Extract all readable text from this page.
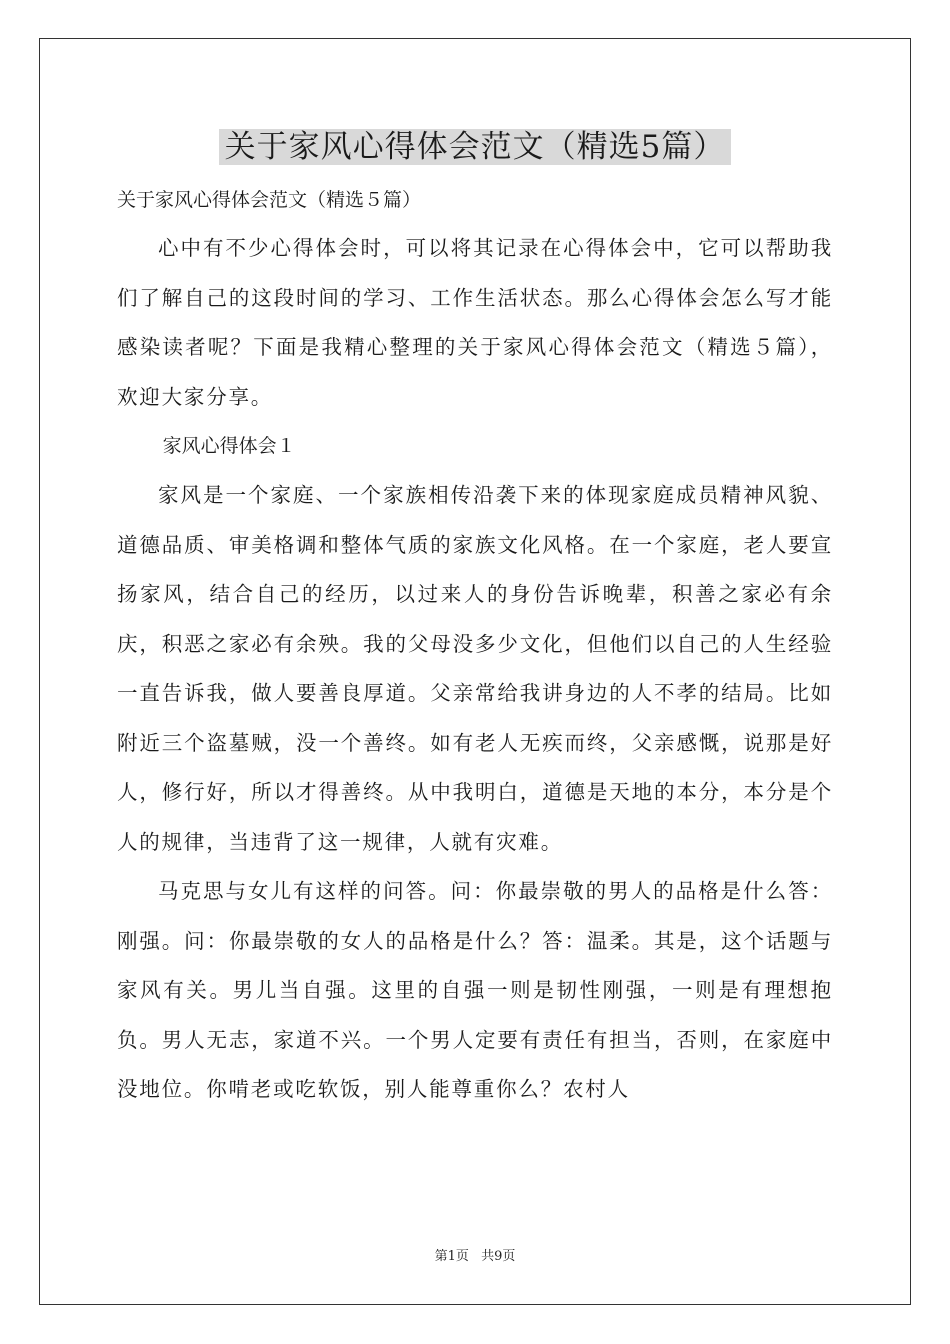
关于家风心得体会范文（精选5篇）

关于家风心得体会范文（精选５篇）

心中有不少心得体会时，可以将其记录在心得体会中，它可以帮助我们了解自己的这段时间的学习、工作生活状态。那么心得体会怎么写才能感染读者呢？下面是我精心整理的关于家风心得体会范文（精选５篇），欢迎大家分享。

家风心得体会１

家风是一个家庭、一个家族相传沿袭下来的体现家庭成员精神风貌、道德品质、审美格调和整体气质的家族文化风格。在一个家庭，老人要宣扬家风，结合自己的经历，以过来人的身份告诉晚辈，积善之家必有余庆，积恶之家必有余殃。我的父母没多少文化，但他们以自己的人生经验一直告诉我，做人要善良厚道。父亲常给我讲身边的人不孝的结局。比如附近三个盗墓贼，没一个善终。如有老人无疾而终，父亲感慨，说那是好人，修行好，所以才得善终。从中我明白，道德是天地的本分，本分是个人的规律，当违背了这一规律，人就有灾难。

马克思与女儿有这样的问答。问：你最崇敬的男人的品格是什么答：刚强。问：你最崇敬的女人的品格是什么？答：温柔。其是，这个话题与家风有关。男儿当自强。这里的自强一则是韧性刚强，一则是有理想抱负。男人无志，家道不兴。一个男人定要有责任有担当，否则，在家庭中没地位。你啃老或吃软饭，别人能尊重你么？农村人

第1页 共9页
